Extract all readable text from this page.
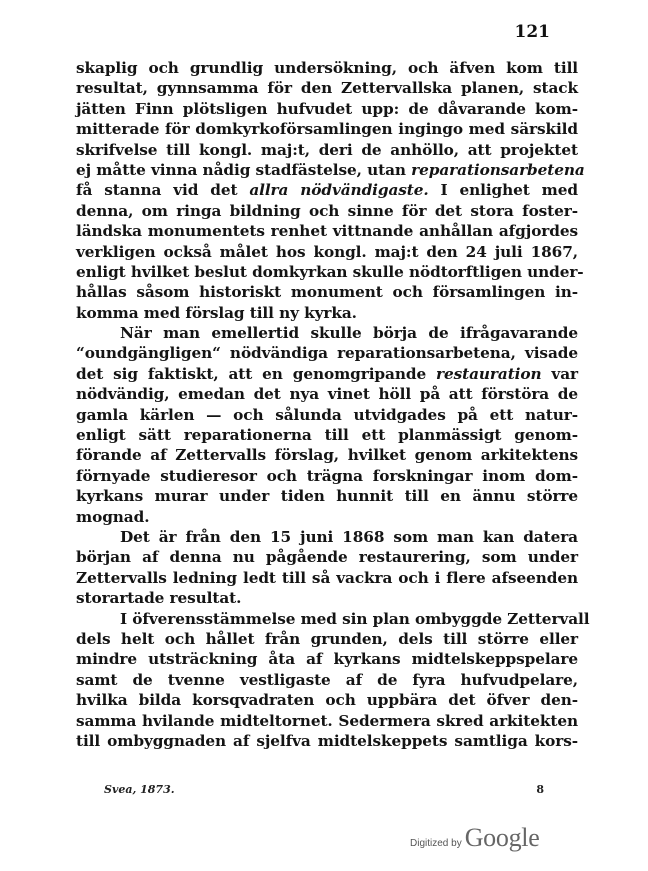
121
skaplig och grundlig undersökning, och äfven kom till
resultat, gynnsamma för den Zettervallska planen, stack
jätten Finn plötsligen hufvudet upp: de dåvarande kom-
mitterade för domkyrkoförsamlingen ingingo med särskild
skrifvelse till kongl. maj:t, deri de anhöllo, att projektet
ej måtte vinna nådig stadfästelse, utan reparationsarbetena
få stanna vid det allra nödvändigaste. I enlighet med
denna, om ringa bildning och sinne för det stora foster-
ländska monumentets renhet vittnande anhållan afgjordes
verkligen också målet hos kongl. maj:t den 24 juli 1867,
enligt hvilket beslut domkyrkan skulle nödtorftligen under-
hållas såsom historiskt monument och församlingen in-
komma med förslag till ny kyrka.
När man emellertid skulle börja de ifrågavarande
“oundgängligen“ nödvändiga reparationsarbetena, visade
det sig faktiskt, att en genomgripande restauration var
nödvändig, emedan det nya vinet höll på att förstöra de
gamla kärlen — och sålunda utvidgades på ett natur-
enligt sätt reparationerna till ett planmässigt genom-
förande af Zettervalls förslag, hvilket genom arkitektens
förnyade studieresor och trägna forskningar inom dom-
kyrkans murar under tiden hunnit till en ännu större
mognad.
Det är från den 15 juni 1868 som man kan datera
början af denna nu pågående restaurering, som under
Zettervalls ledning ledt till så vackra och i flere afseenden
storartade resultat.
I öfverensstämmelse med sin plan ombyggde Zettervall
dels helt och hållet från grunden, dels till större eller
mindre utsträckning åta af kyrkans midtelskeppspelare
samt de tvenne vestligaste af de fyra hufvudpelare,
hvilka bilda korsqvadraten och uppbära det öfver den-
samma hvilande midteltornet. Sedermera skred arkitekten
till ombyggnaden af sjelfva midtelskeppets samtliga kors-
Svea, 1873.	8
Digitized by Google
